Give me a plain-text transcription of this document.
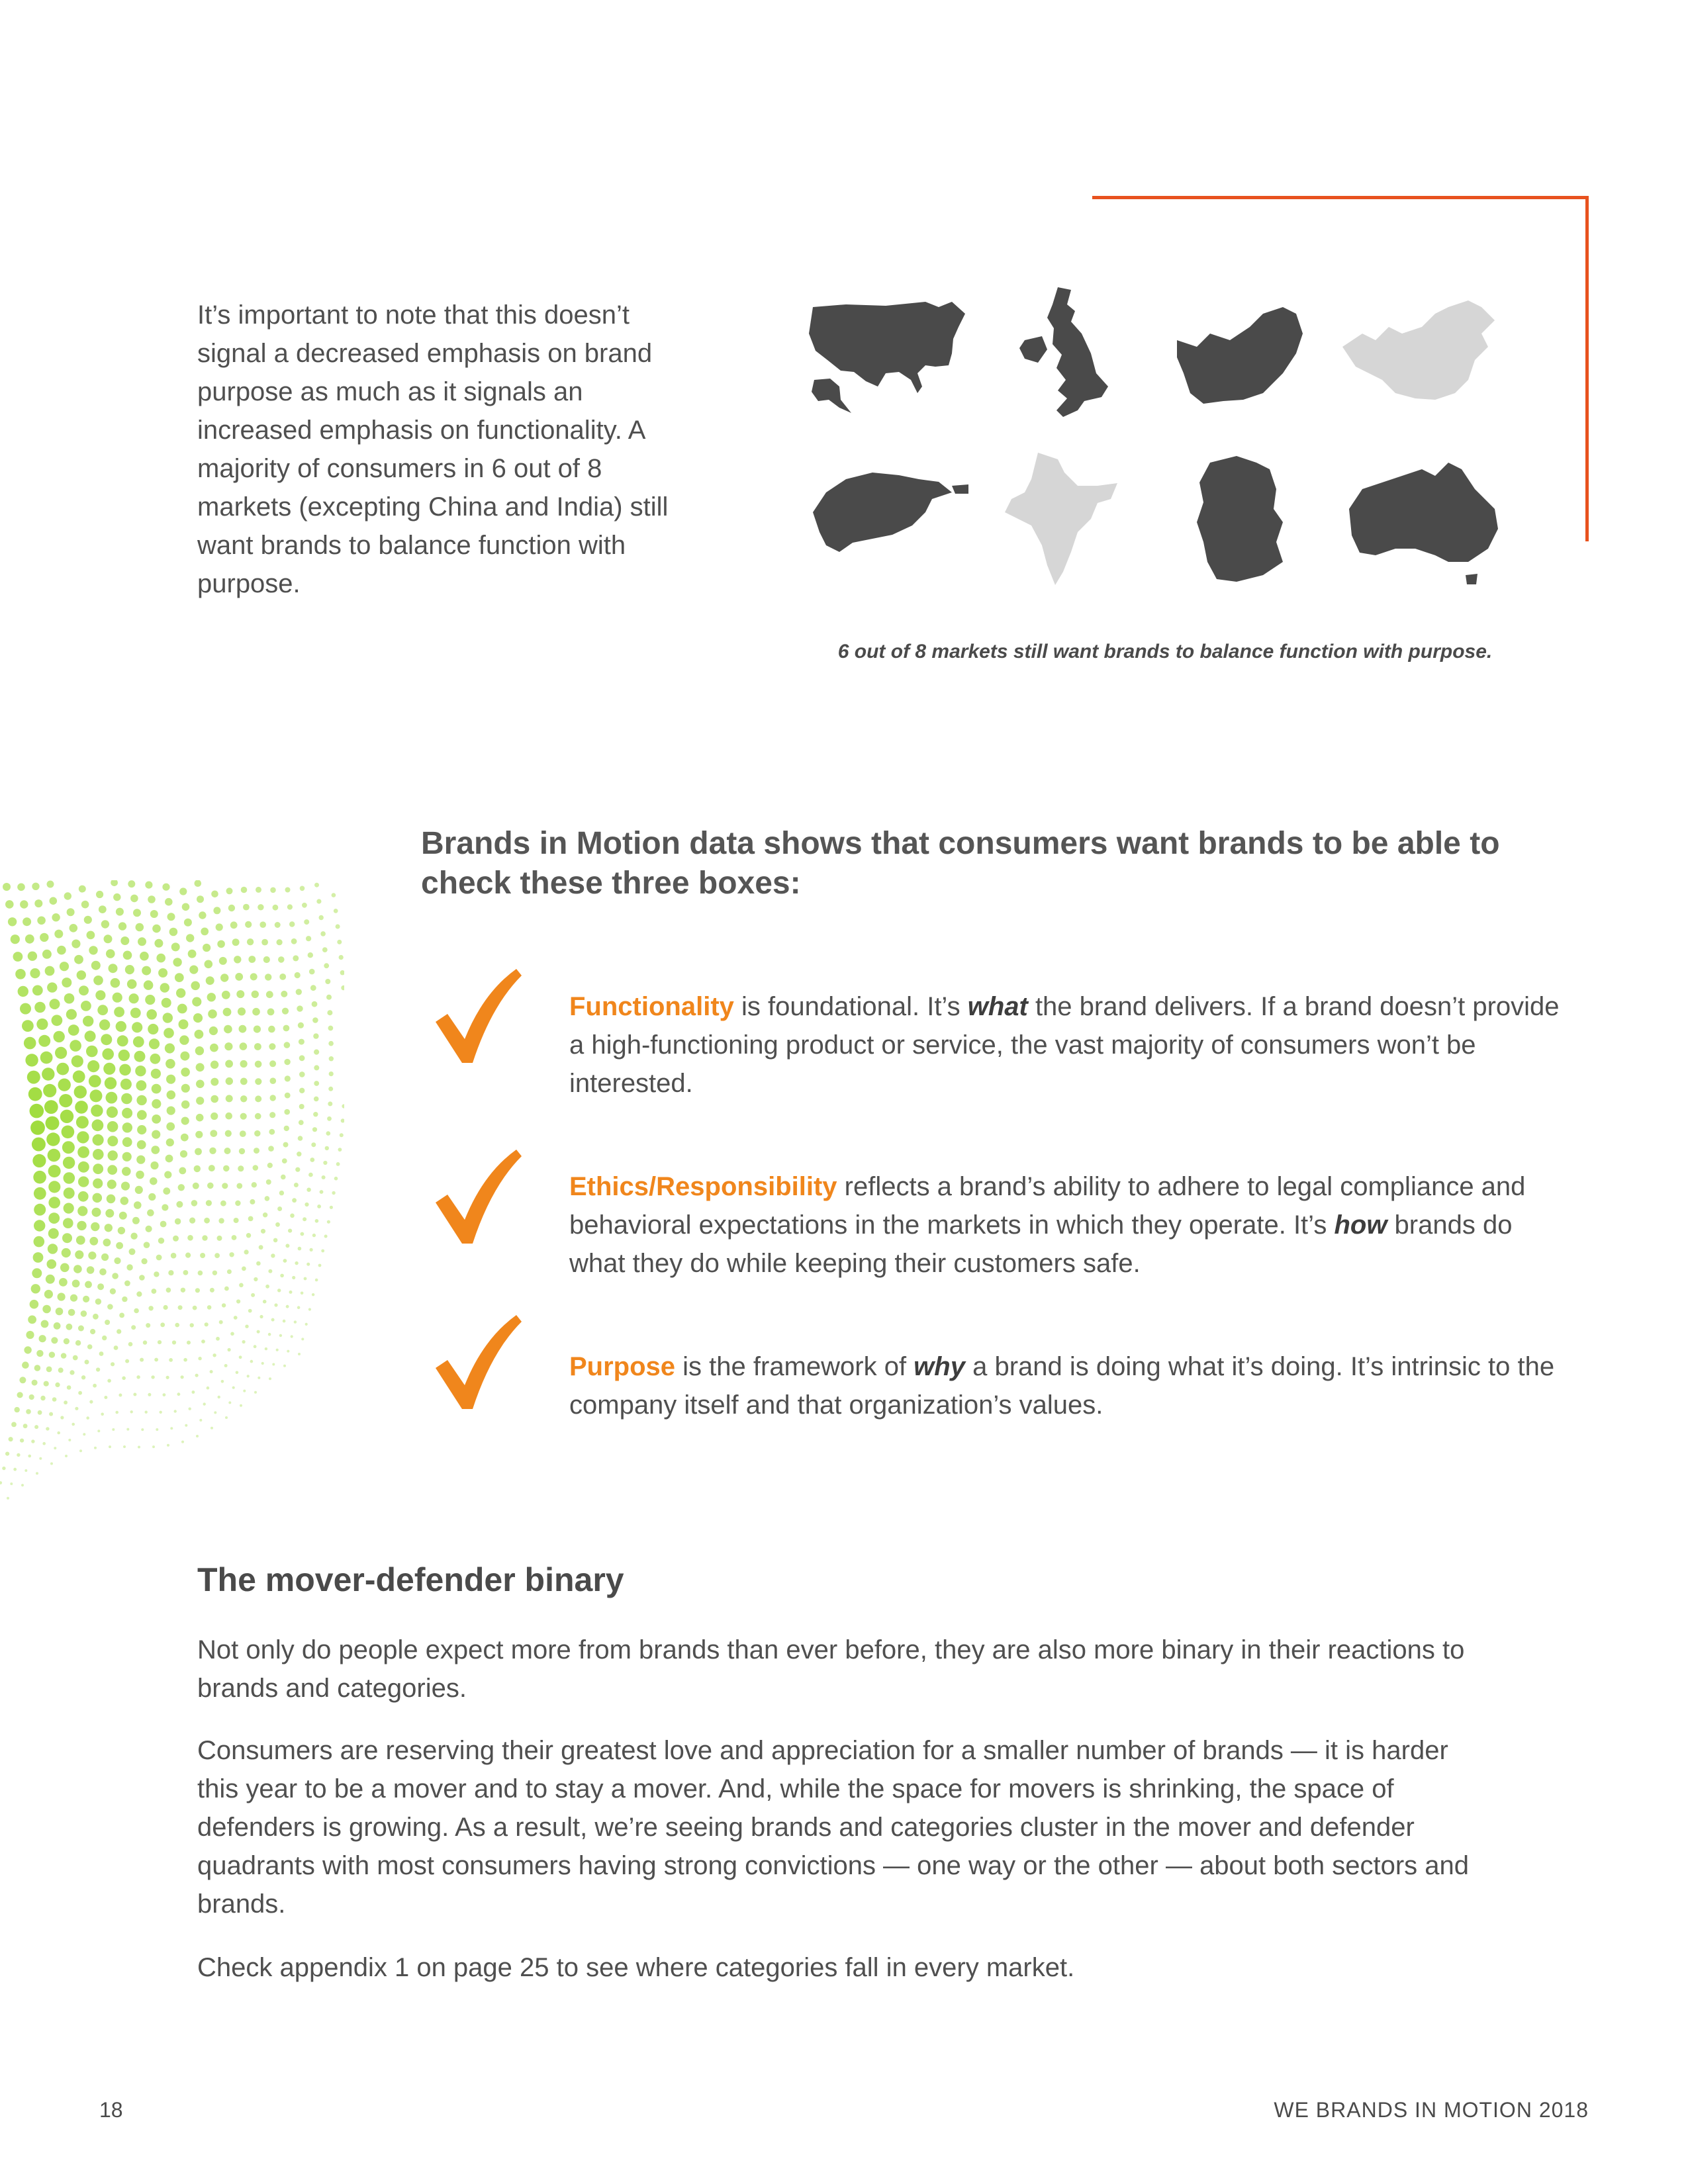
It’s important to note that this doesn’t signal a decreased emphasis on brand purpose as much as it signals an increased emphasis on functionality. A majority of consumers in 6 out of 8 markets (excepting China and India) still want brands to balance function with purpose.
6 out of 8 markets still want brands to balance function with purpose.
Brands in Motion data shows that consumers want brands to be able to check these three boxes:
Functionality is foundational. It’s what the brand delivers. If a brand doesn’t provide a high-functioning product or service, the vast majority of consumers won’t be interested.
Ethics/Responsibility reflects a brand’s ability to adhere to legal compliance and behavioral expectations in the markets in which they operate. It’s how brands do what they do while keeping their customers safe.
Purpose is the framework of why a brand is doing what it’s doing. It’s intrinsic to the company itself and that organization’s values.
The mover-defender binary
Not only do people expect more from brands than ever before, they are also more binary in their reactions to brands and categories.
Consumers are reserving their greatest love and appreciation for a smaller number of brands — it is harder this year to be a mover and to stay a mover. And, while the space for movers is shrinking, the space of defenders is growing. As a result, we’re seeing brands and categories cluster in the mover and defender quadrants with most consumers having strong convictions — one way or the other — about both sectors and brands.
Check appendix 1 on page 25 to see where categories fall in every market.
18	WE BRANDS IN MOTION 2018
